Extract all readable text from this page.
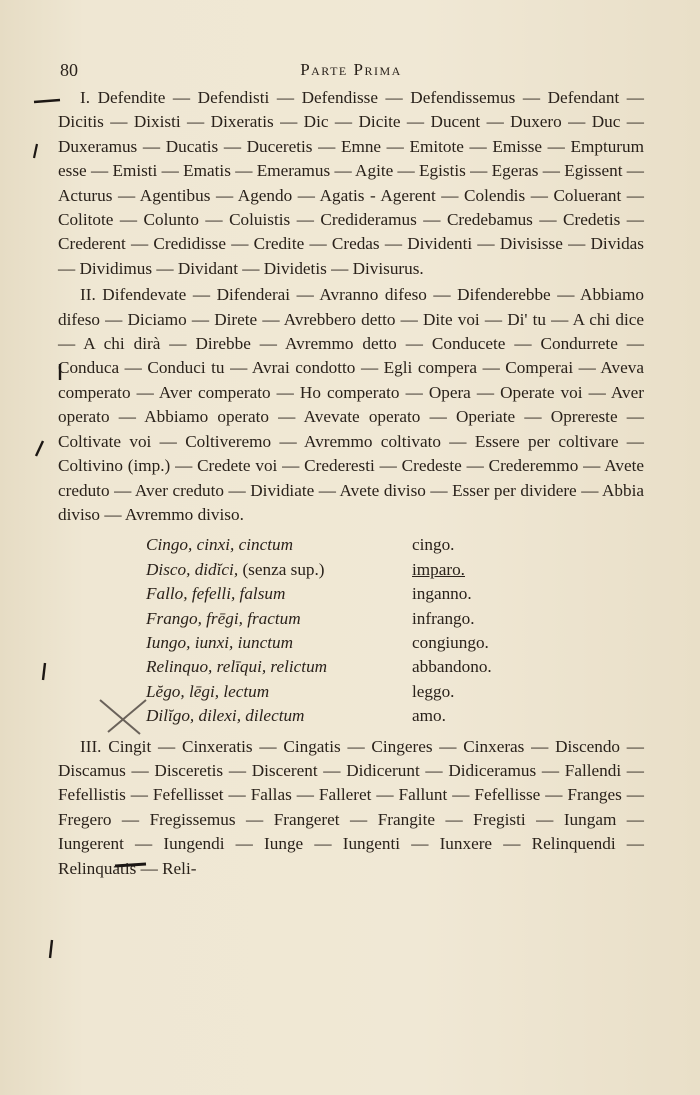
80	Parte Prima

I. Defendite — Defendisti — Defendisse — Defendissemus — Defendant — Dicitis — Dixisti — Dixeratis — Dic — Dicite — Ducent — Duxero — Duc — Duxeramus — Ducatis — Duceretis — Emne — Emitote — Emisse — Empturum esse — Emisti — Ematis — Emeramus — Agite — Egistis — Egeras — Egissent — Acturus — Agentibus — Agendo — Agatis - Agerent — Colendis — Coluerant — Colitote — Colunto — Coluistis — Credideramus — Credebamus — Credetis — Crederent — Credidisse — Credite — Credas — Dividenti — Divisisse — Dividas — Dividimus — Dividant — Dividetis — Divisurus.

II. Difendevate — Difenderai — Avranno difeso — Difenderebbe — Abbiamo difeso — Diciamo — Direte — Avrebbero detto — Dite voi — Di' tu — A chi dice — A chi dirà — Direbbe — Avremmo detto — Conducete — Condurrete — Conduca — Conduci tu — Avrai condotto — Egli compera — Comperai — Aveva comperato — Aver comperato — Ho comperato — Opera — Operate voi — Aver operato — Abbiamo operato — Avevate operato — Operiate — Oprereste — Coltivate voi — Coltiveremo — Avremmo coltivato — Essere per coltivare — Coltivino (imp.) — Credete voi — Crederesti — Credeste — Crederemmo — Avete creduto — Aver creduto — Dividiate — Avete diviso — Esser per dividere — Abbia diviso — Avremmo diviso.

Cingo, cinxi, cinctum	cingo.
Disco, didĭci, (senza sup.)	imparo.
Fallo, fefelli, falsum	inganno.
Frango, frēgi, fractum	infrango.
Iungo, iunxi, iunctum	congiungo.
Relinquo, relīqui, relictum	abbandono.
Lĕgo, lēgi, lectum	leggo.
Dilĭgo, dilexi, dilectum	amo.

III. Cingit — Cinxeratis — Cingatis — Cingeres — Cinxeras — Discendo — Discamus — Disceretis — Discerent — Didicerunt — Didiceramus — Fallendi — Fefellistis — Fefellisset — Fallas — Falleret — Fallunt — Fefellisse — Franges — Fregero — Fregissemus — Frangeret — Frangite — Fregisti — Iungam — Iungerent — Iungendi — Iunge — Iungenti — Iunxere — Relinquendi — Relinquatis — Reli-
